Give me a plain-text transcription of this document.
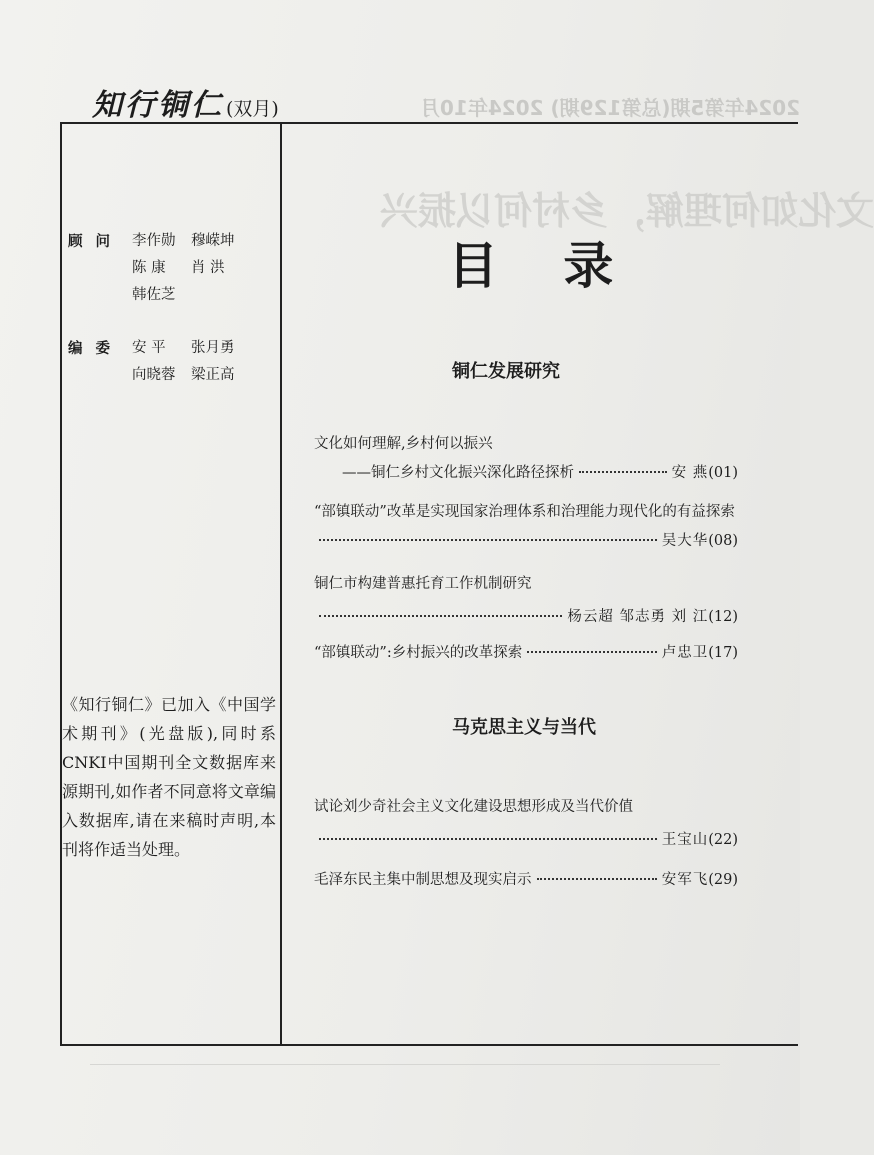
2024年第5期(总第129期) 2024年10月
文化如何理解，乡村何以振兴
知行铜仁 (双月)
顾 问	李作勋 穆嵘坤
陈 康 肖 洪
韩佐芝
编 委	安 平 张月勇
向晓蓉 梁正高
《知行铜仁》已加入《中国学术期刊》(光盘版),同时系CNKI中国期刊全文数据库来源期刊,如作者不同意将文章编入数据库,请在来稿时声明,本刊将作适当处理。
目 录
铜仁发展研究
文化如何理解,乡村何以振兴
——铜仁乡村文化振兴深化路径探析	安 燕 (01)
“部镇联动”改革是实现国家治理体系和治理能力现代化的有益探索
吴大华 (08)
铜仁市构建普惠托育工作机制研究
杨云超 邹志勇 刘 江 (12)
“部镇联动”:乡村振兴的改革探索	卢忠卫 (17)
马克思主义与当代
试论刘少奇社会主义文化建设思想形成及当代价值
王宝山 (22)
毛泽东民主集中制思想及现实启示	安军飞 (29)
